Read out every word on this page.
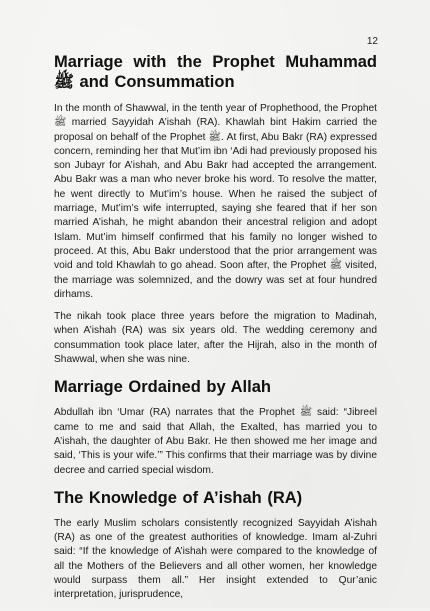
12
Marriage with the Prophet Muhammad ﷺ and Consummation

In the month of Shawwal, in the tenth year of Prophethood, the Prophet ﷺ married Sayyidah A’ishah (RA). Khawlah bint Hakim carried the proposal on behalf of the Prophet ﷺ. At first, Abu Bakr (RA) expressed concern, reminding her that Mut’im ibn ‘Adi had previously proposed his son Jubayr for A’ishah, and Abu Bakr had accepted the arrangement. Abu Bakr was a man who never broke his word. To resolve the matter, he went directly to Mut’im’s house. When he raised the subject of marriage, Mut’im’s wife interrupted, saying she feared that if her son married A’ishah, he might abandon their ancestral religion and adopt Islam. Mut’im himself confirmed that his family no longer wished to proceed. At this, Abu Bakr understood that the prior arrangement was void and told Khawlah to go ahead. Soon after, the Prophet ﷺ visited, the marriage was solemnized, and the dowry was set at four hundred dirhams.

The nikah took place three years before the migration to Madinah, when A’ishah (RA) was six years old. The wedding ceremony and consummation took place later, after the Hijrah, also in the month of Shawwal, when she was nine.

Marriage Ordained by Allah

Abdullah ibn ‘Umar (RA) narrates that the Prophet ﷺ said: “Jibreel came to me and said that Allah, the Exalted, has married you to A’ishah, the daughter of Abu Bakr. He then showed me her image and said, ‘This is your wife.’” This confirms that their marriage was by divine decree and carried special wisdom.

The Knowledge of A’ishah (RA)

The early Muslim scholars consistently recognized Sayyidah A’ishah (RA) as one of the greatest authorities of knowledge. Imam al-Zuhri said: “If the knowledge of A’ishah were compared to the knowledge of all the Mothers of the Believers and all other women, her knowledge would surpass them all.” Her insight extended to Qur’anic interpretation, jurisprudence,
